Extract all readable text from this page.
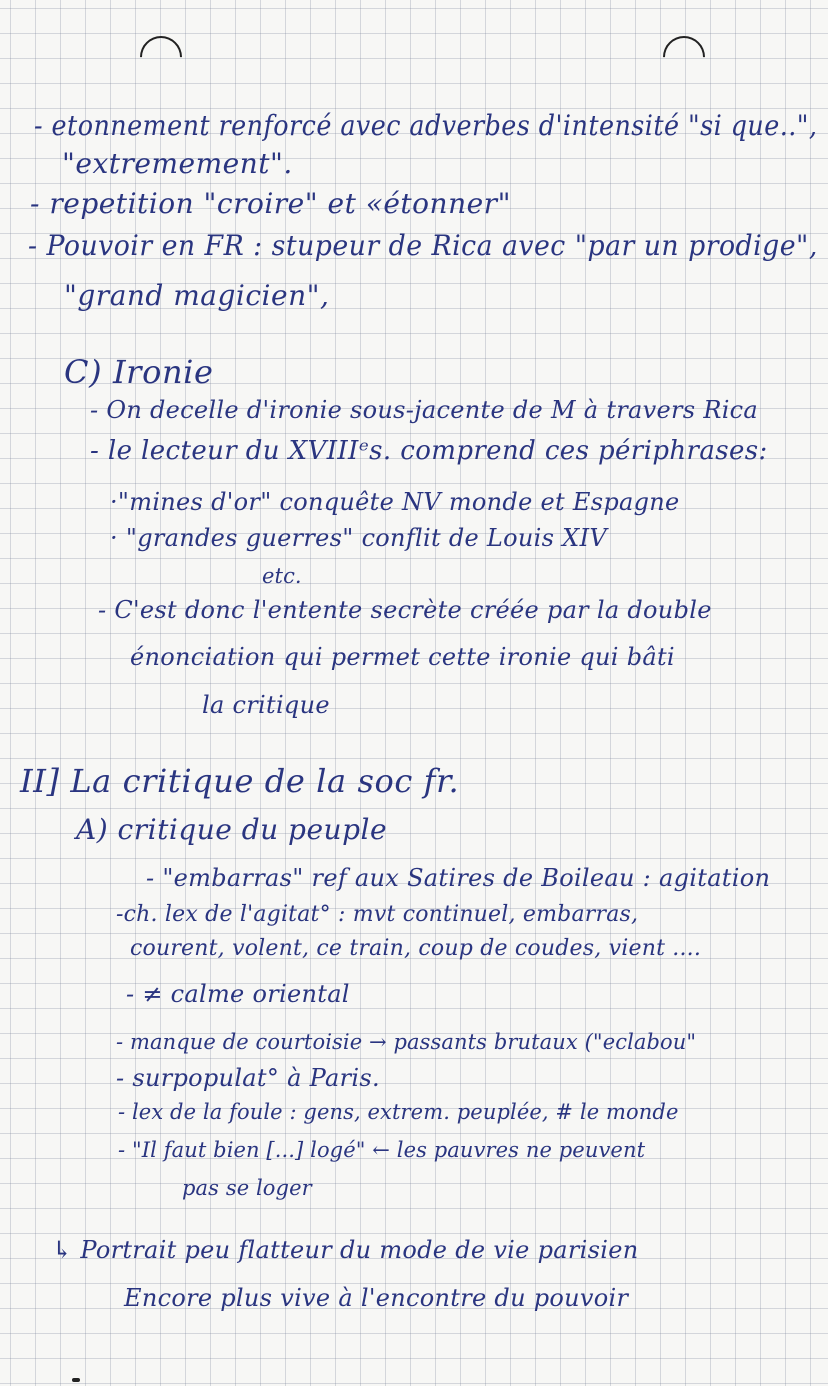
- etonnement renforcé avec adverbes d'intensité "si que..",
"extremement".
- repetition "croire" et «étonner"
- Pouvoir en FR : stupeur de Rica avec "par un prodige",
"grand magicien",
C) Ironie
- On decelle d'ironie sous-jacente de M à travers Rica
- le lecteur du XVIIIᵉs. comprend ces périphrases:
·"mines d'or" conquête NV monde et Espagne
· "grandes guerres" conflit de Louis XIV
etc.
- C'est donc l'entente secrète créée par la double
énonciation qui permet cette ironie qui bâti
la critique
II] La critique de la soc fr.
A) critique du peuple
- "embarras" ref aux Satires de Boileau : agitation
-ch. lex de l'agitat° : mvt continuel, embarras,
courent, volent, ce train, coup de coudes, vient ....
- ≠ calme oriental
- manque de courtoisie → passants brutaux ("eclabou"
- surpopulat° à Paris.
- lex de la foule : gens, extrem. peuplée, # le monde
- "Il faut bien [...] logé" ← les pauvres ne peuvent
pas se loger
↳ Portrait peu flatteur du mode de vie parisien
Encore plus vive à l'encontre du pouvoir
